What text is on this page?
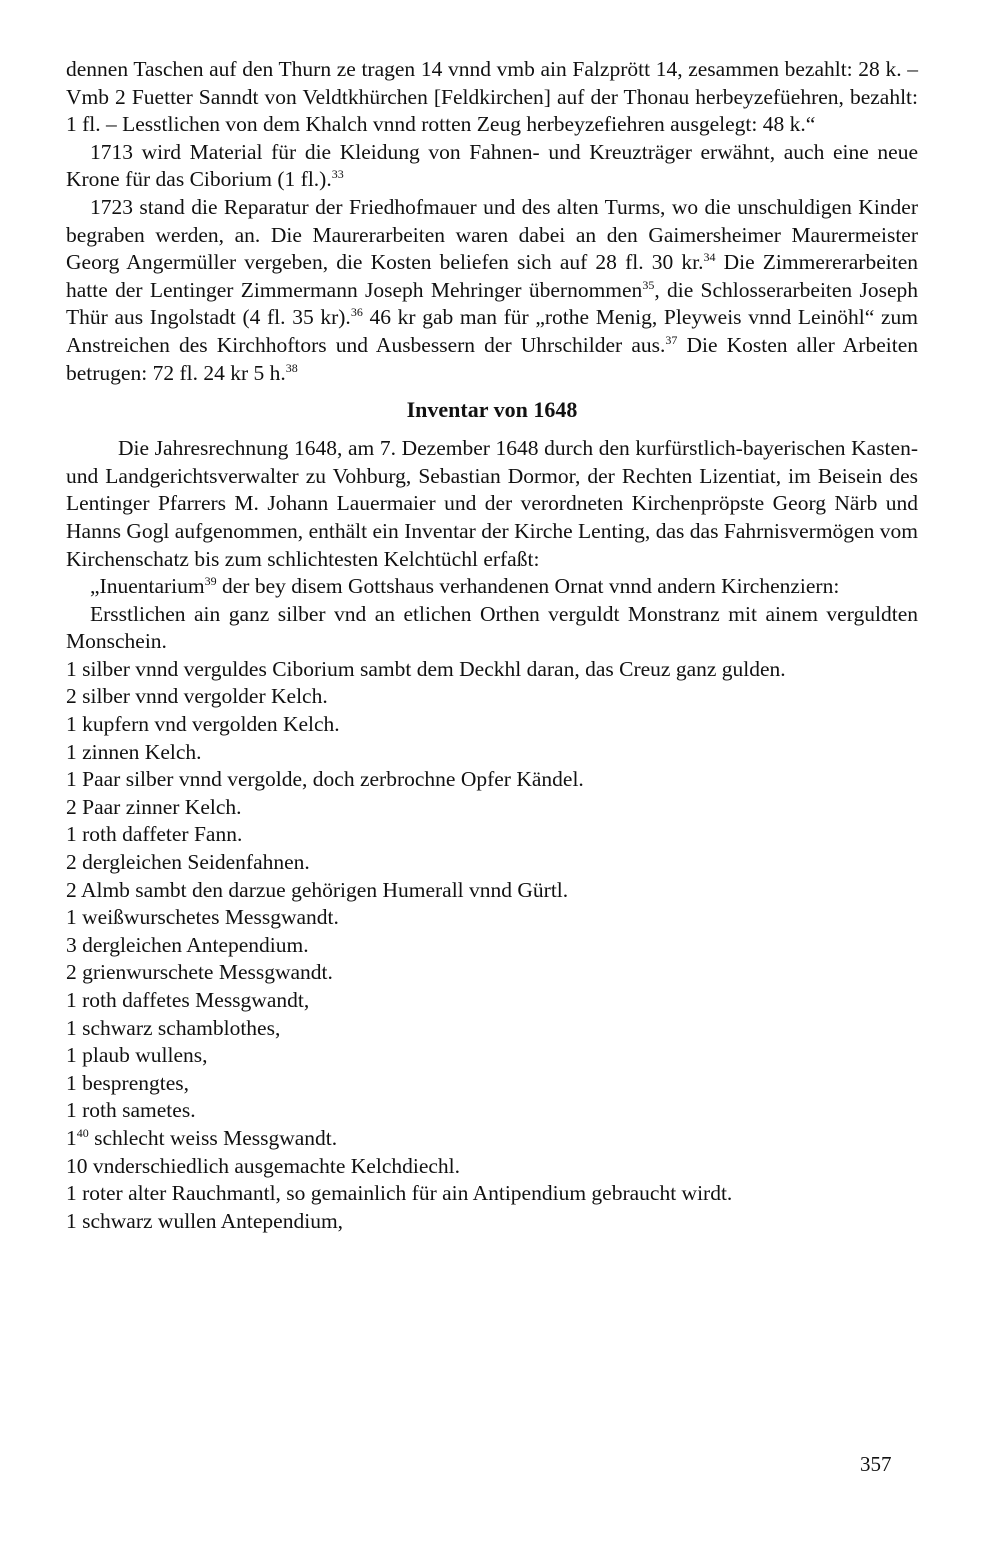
dennen Taschen auf den Thurn ze tragen 14 vnnd vmb ain Falzprött 14, zesammen bezahlt: 28 k. – Vmb 2 Fuetter Sanndt von Veldtkhürchen [Feldkirchen] auf der Thonau herbeyzefüehren, bezahlt: 1 fl. – Lesstlichen von dem Khalch vnnd rotten Zeug herbeyzefiehren ausgelegt: 48 k.“

1713 wird Material für die Kleidung von Fahnen- und Kreuzträger erwähnt, auch eine neue Krone für das Ciborium (1 fl.).$^{33}$

1723 stand die Reparatur der Friedhofmauer und des alten Turms, wo die unschuldigen Kinder begraben werden, an. Die Maurerarbeiten waren dabei an den Gaimersheimer Maurermeister Georg Angermüller vergeben, die Kosten beliefen sich auf 28 fl. 30 kr.$^{34}$ Die Zimmererarbeiten hatte der Lentinger Zimmermann Joseph Mehringer übernommen$^{35}$, die Schlosserarbeiten Joseph Thür aus Ingolstadt (4 fl. 35 kr).$^{36}$ 46 kr gab man für „rothe Menig, Pleyweis vnnd Leinöhl“ zum Anstreichen des Kirchhoftors und Ausbessern der Uhrschilder aus.$^{37}$ Die Kosten aller Arbeiten betrugen: 72 fl. 24 kr 5 h.$^{38}$

Inventar von 1648

Die Jahresrechnung 1648, am 7. Dezember 1648 durch den kurfürstlich-bayerischen Kasten- und Landgerichtsverwalter zu Vohburg, Sebastian Dormor, der Rechten Lizentiat, im Beisein des Lentinger Pfarrers M. Johann Lauermaier und der verordneten Kirchenpröpste Georg Närb und Hanns Gogl aufgenommen, enthält ein Inventar der Kirche Lenting, das das Fahrnisvermögen vom Kirchenschatz bis zum schlichtesten Kelchtüchl erfaßt:

„Inuentarium$^{39}$ der bey disem Gottshaus verhandenen Ornat vnnd andern Kirchenziern:

Ersstlichen ain ganz silber vnd an etlichen Orthen verguldt Monstranz mit ainem verguldten Monschein.

1 silber vnnd verguldes Ciborium sambt dem Deckhl daran, das Creuz ganz gulden.
2 silber vnnd vergolder Kelch.
1 kupfern vnd vergolden Kelch.
1 zinnen Kelch.
1 Paar silber vnnd vergolde, doch zerbrochne Opfer Kändel.
2 Paar zinner Kelch.
1 roth daffeter Fann.
2 dergleichen Seidenfahnen.
2 Almb sambt den darzue gehörigen Humerall vnnd Gürtl.
1 weißwurschetes Messgwandt.
3 dergleichen Antependium.
2 grienwurschete Messgwandt.
1 roth daffetes Messgwandt,
1 schwarz schamblothes,
1 plaub wullens,
1 besprengtes,
1 roth sametes.
$1^{40}$ schlecht weiss Messgwandt.
10 vnderschiedlich ausgemachte Kelchdiechl.
1 roter alter Rauchmantl, so gemainlich für ain Antipendium gebraucht wirdt.
1 schwarz wullen Antependium,
357
